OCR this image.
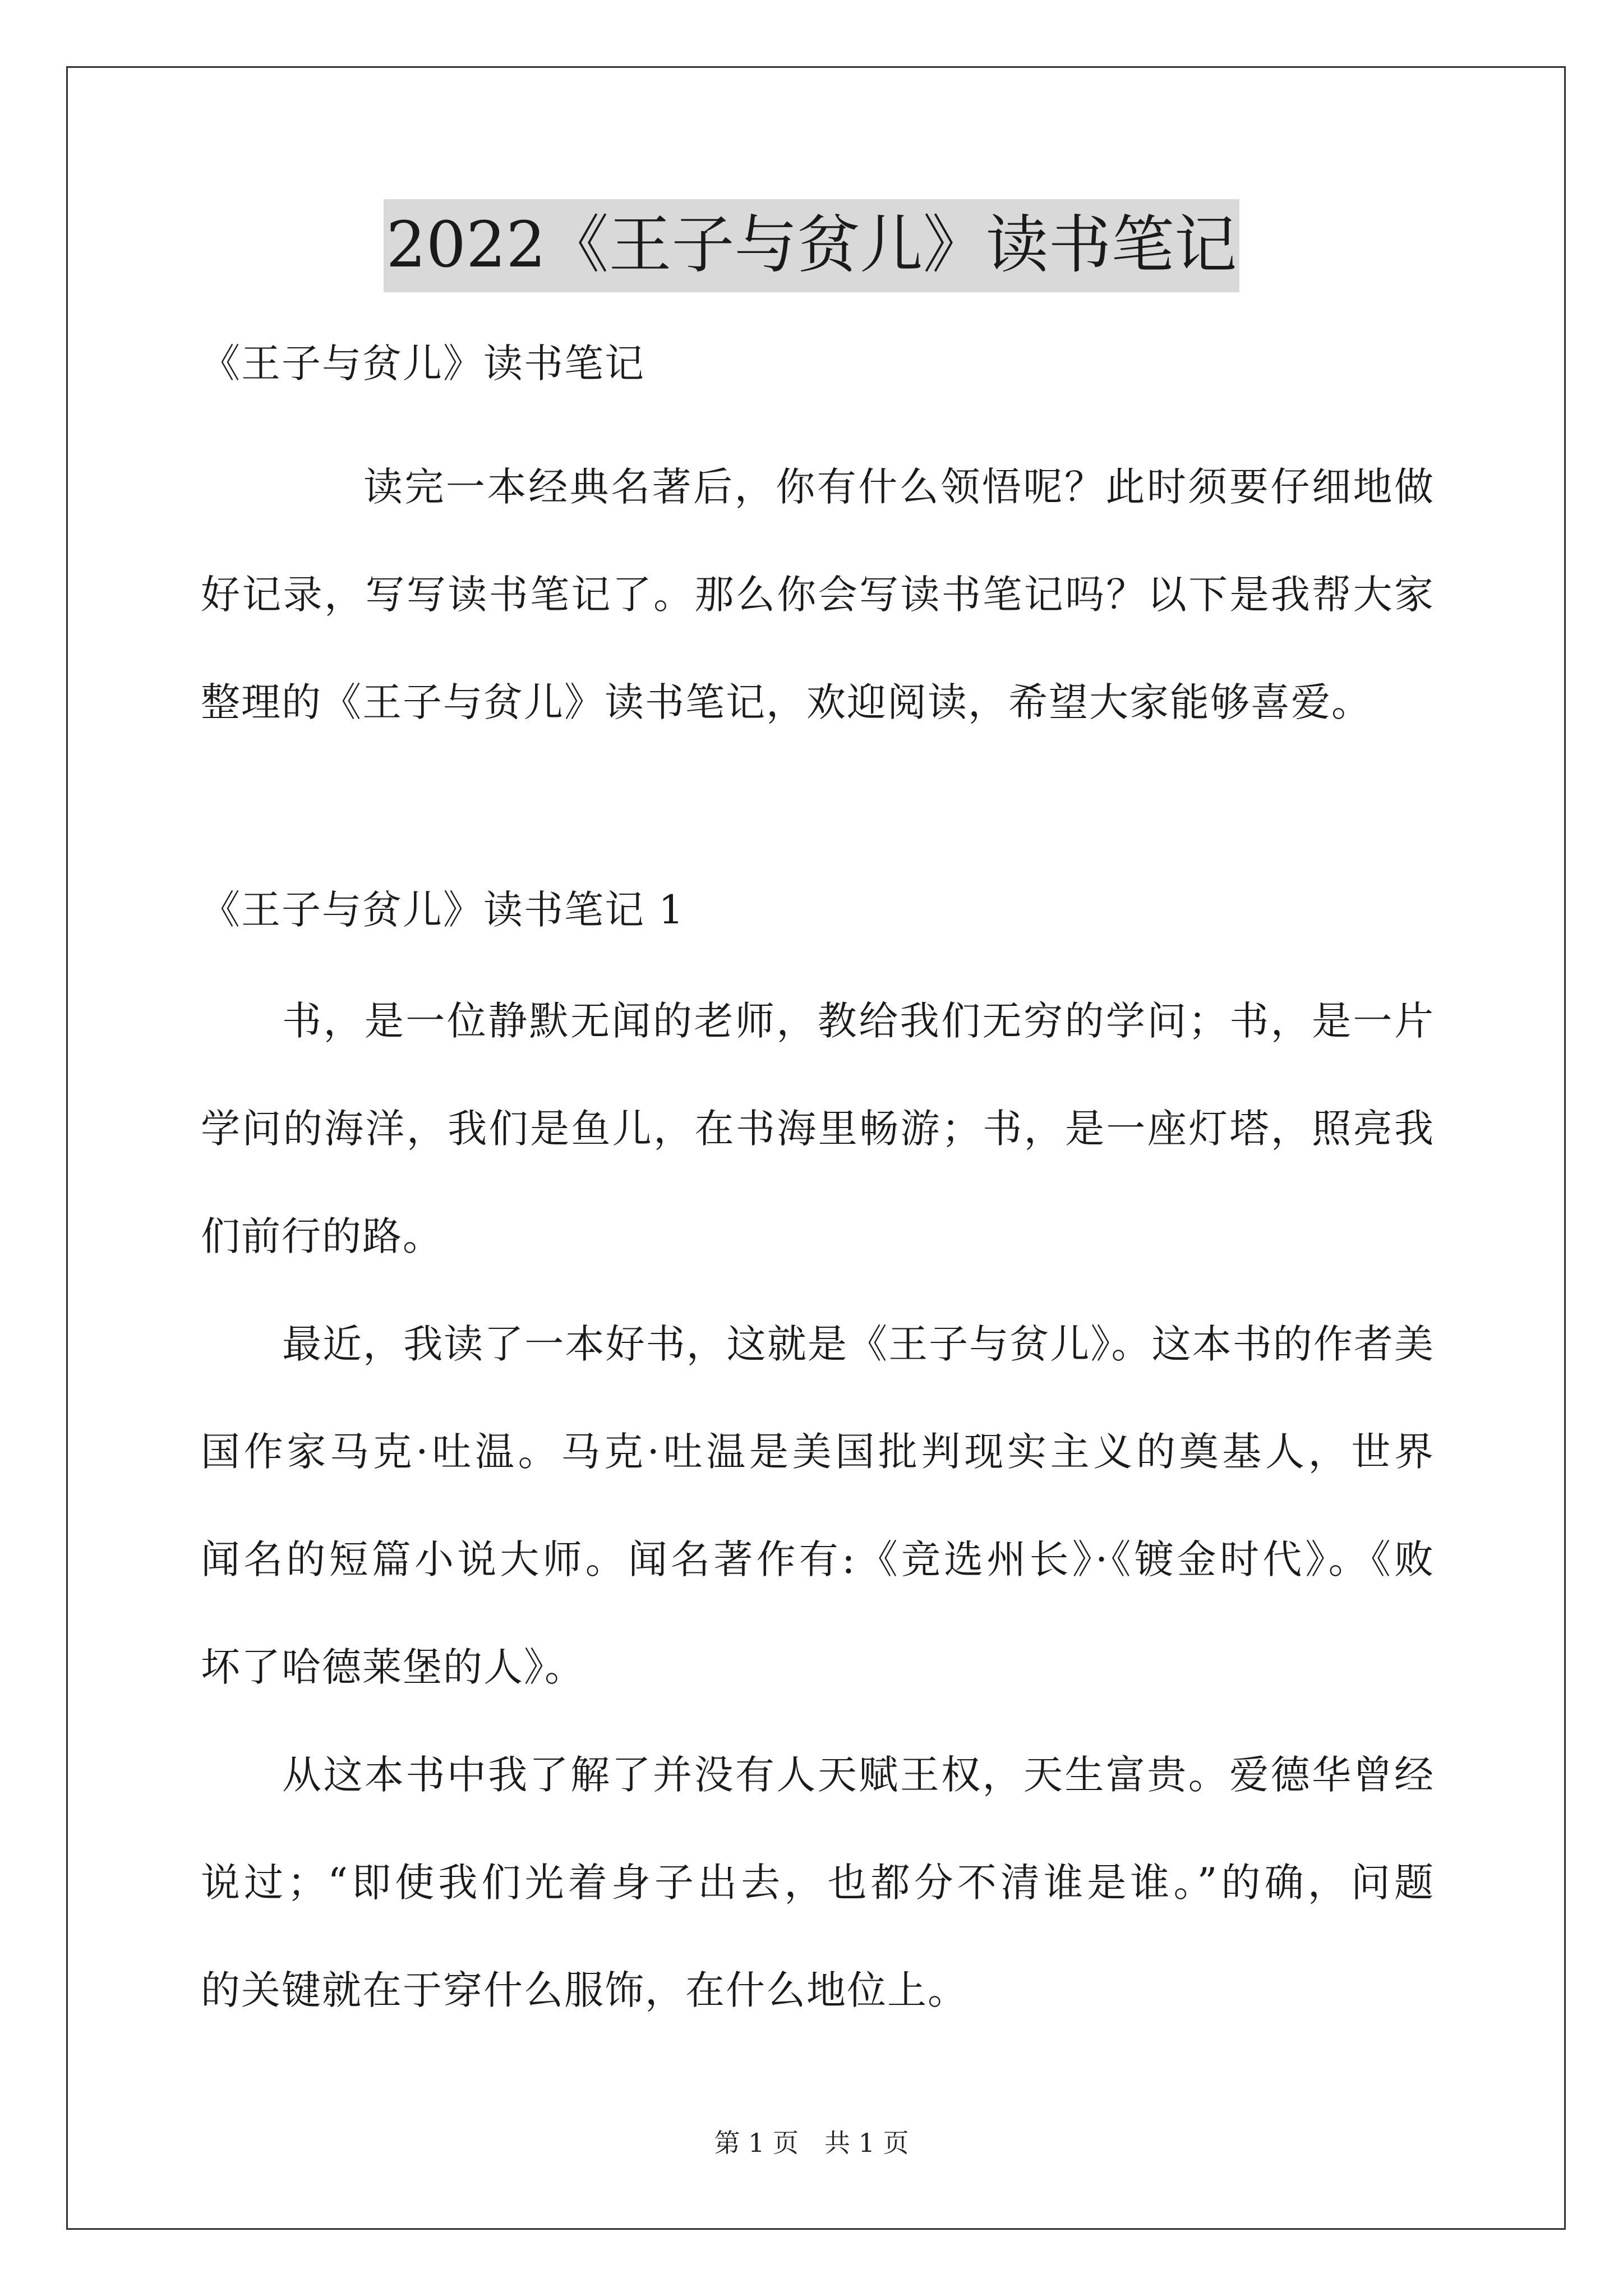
2022《王子与贫儿》读书笔记
《王子与贫儿》读书笔记
读完一本经典名著后，你有什么领悟呢？此时须要仔细地做
好记录，写写读书笔记了。那么你会写读书笔记吗？以下是我帮大家
整理的《王子与贫儿》读书笔记，欢迎阅读，希望大家能够喜爱。
《王子与贫儿》读书笔记 1
书，是一位静默无闻的老师，教给我们无穷的学问；书，是一片
学问的海洋，我们是鱼儿，在书海里畅游；书，是一座灯塔，照亮我
们前行的路。
最近，我读了一本好书，这就是《王子与贫儿》。这本书的作者美
国作家马克·吐温。马克·吐温是美国批判现实主义的奠基人，世界
闻名的短篇小说大师。闻名著作有:《竞选州长》·《镀金时代》。《败
坏了哈德莱堡的人》。
从这本书中我了解了并没有人天赋王权，天生富贵。爱德华曾经
说过；“即使我们光着身子出去，也都分不清谁是谁。”的确，问题
的关键就在于穿什么服饰，在什么地位上。
第 1 页 共 1 页
